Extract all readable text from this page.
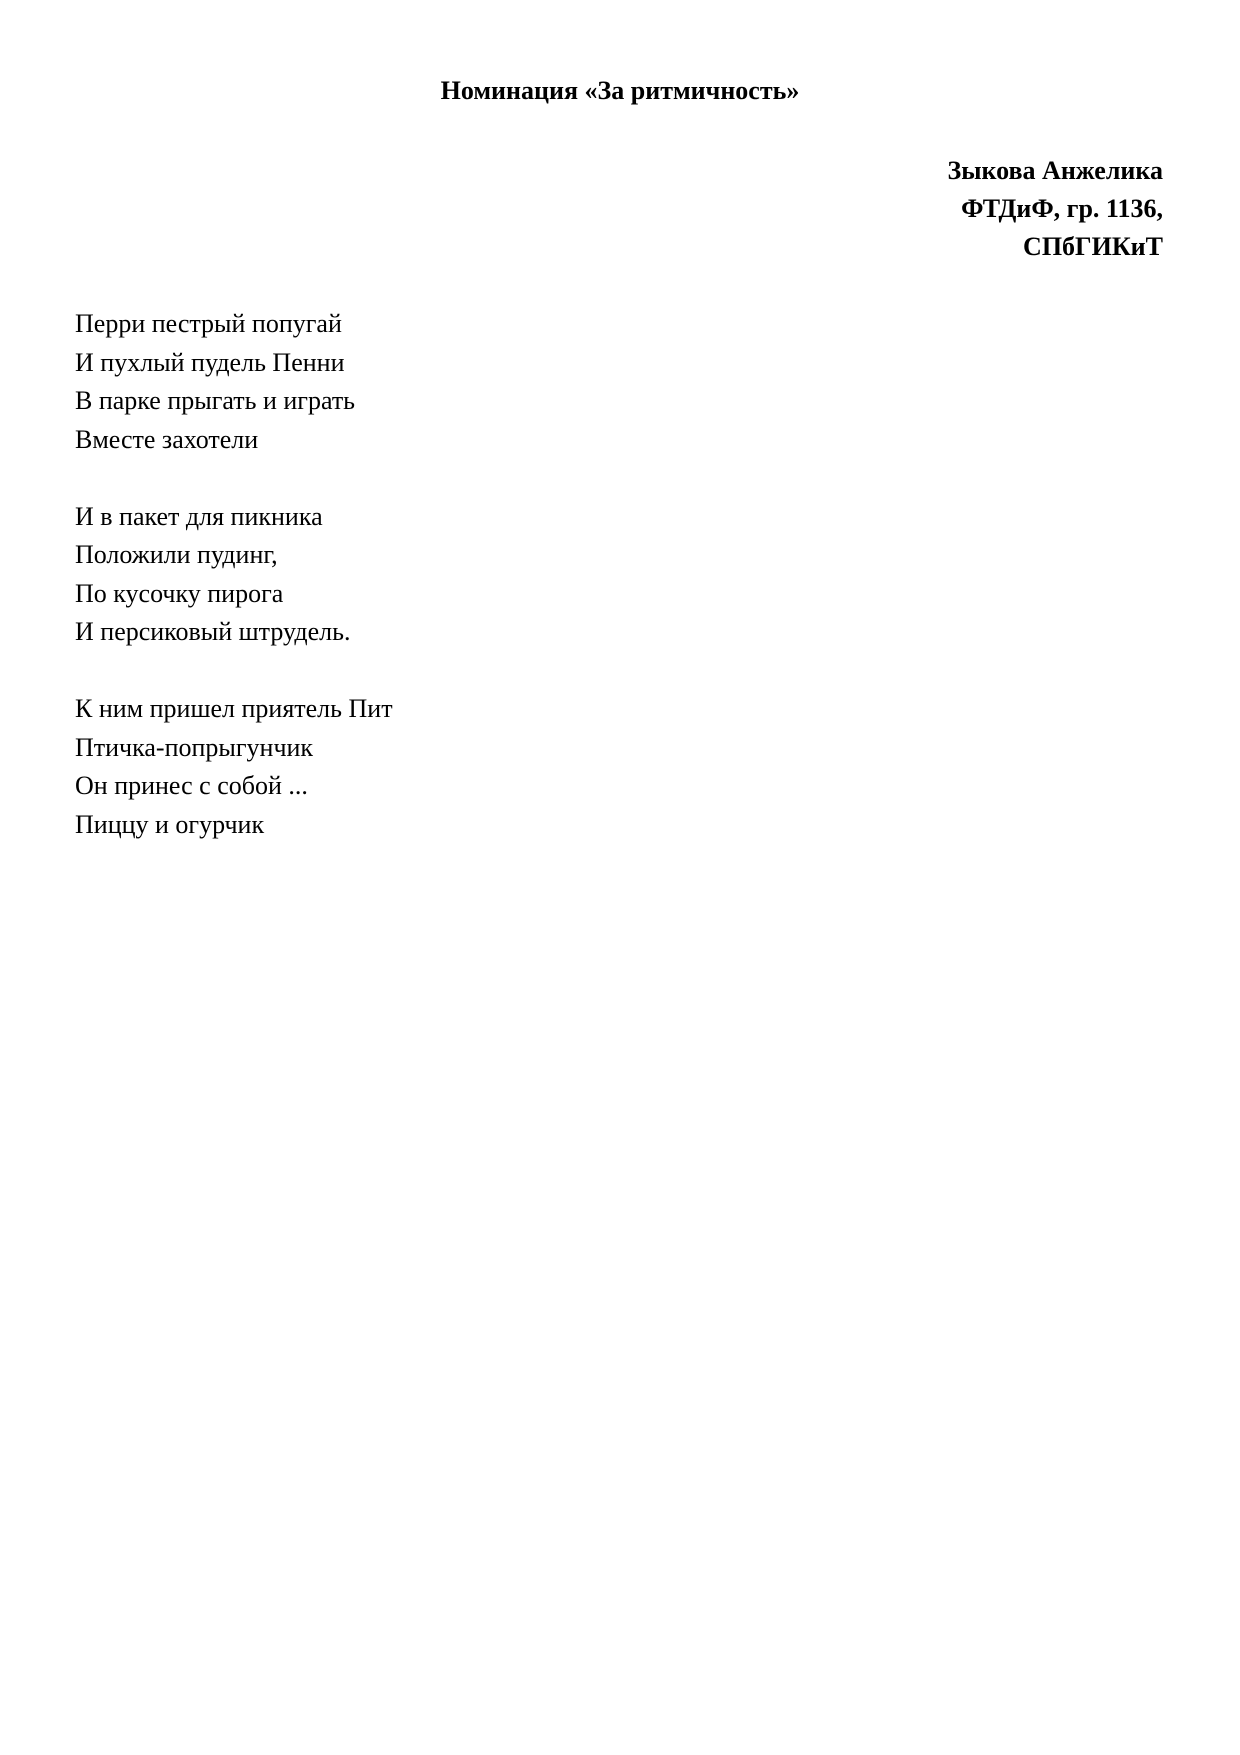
Номинация «За ритмичность»
Зыкова Анжелика
ФТДиФ, гр. 1136,
СПбГИКиТ
Перри пестрый попугай
И пухлый пудель Пенни
В парке прыгать и играть
Вместе захотели
И в пакет для пикника
Положили пудинг,
По кусочку пирога
И персиковый штрудель.
К ним пришел приятель Пит
Птичка-попрыгунчик
Он принес с собой ...
Пиццу и огурчик
